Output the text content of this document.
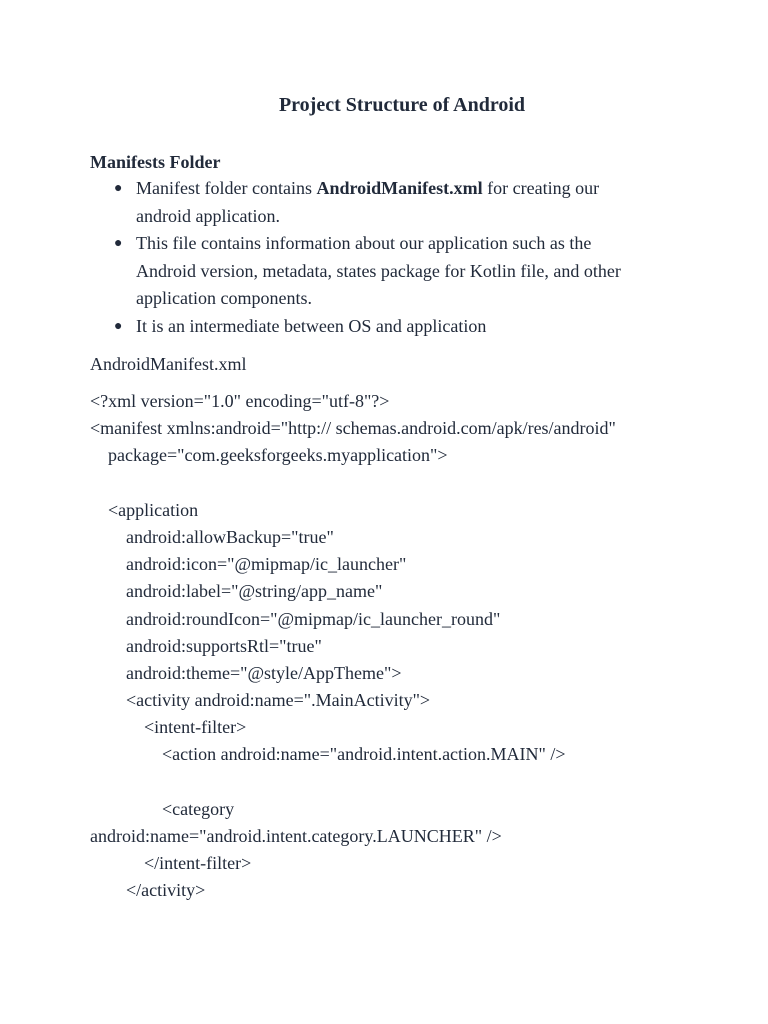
Project Structure of Android
Manifests Folder
● Manifest folder contains AndroidManifest.xml for creating our
android application.
● This file contains information about our application such as the
Android version, metadata, states package for Kotlin file, and other
application components.
● It is an intermediate between OS and application
AndroidManifest.xml
<?xml version="1.0" encoding="utf-8"?>
<manifest xmlns:android="http:// schemas.android.com/apk/res/android"
package="com.geeksforgeeks.myapplication">
<application
android:allowBackup="true"
android:icon="@mipmap/ic_launcher"
android:label="@string/app_name"
android:roundIcon="@mipmap/ic_launcher_round"
android:supportsRtl="true"
android:theme="@style/AppTheme">
<activity android:name=".MainActivity">
<intent-filter>
<action android:name="android.intent.action.MAIN" />
<category
android:name="android.intent.category.LAUNCHER" />
</intent-filter>
</activity>
